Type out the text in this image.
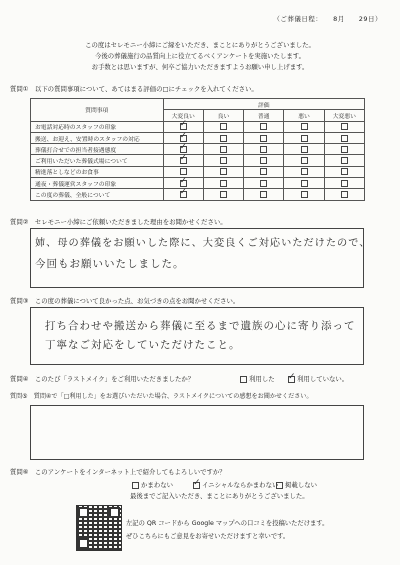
（ご葬儀日程：　　8月　　29日）
この度はセレモニー小締にご縁をいただき、まことにありがとうございました。
今後の葬儀施行の品質向上に役立てるべくアンケートを実施いたします。
お手数とは思いますが、何卒ご協力いただきますようお願い申し上げます。
質問①　以下の質問事項について、あてはまる評価の□にチェックを入れてください。
質問事項	評価				
	大変良い	良い	普通	悪い	大変悪い
お電話対応時のスタッフの印象	✓				
搬送、お迎え、安置時のスタッフの対応	✓				
葬儀打合せでの担当者接遇態度	✓				
ご利用いただいた葬儀式場について	✓				
精進落としなどのお食事					
通夜・葬儀運営スタッフの印象	✓				
この度の葬儀、全般について	✓				
質問②　セレモニー小締にご依頼いただきました理由をお聞かせください。
姉、母の葬儀をお願いした際に、大変良くご対応いただけたので、
今回もお願いいたしました。
質問③　この度の葬儀について良かった点、お気づきの点をお聞かせください。
打ち合わせや搬送から葬儀に至るまで遺族の心に寄り添って
丁寧なご対応をしていただけたこと。
質問④　このたび「ラストメイク」をご利用いただきましたか？	利用した ✓	利用していない。
質問⑤　質問④で「□利用した」をお選びいただいた場合、ラストメイクについての感想をお聞かせください。
質問⑥　このアンケートをインターネット上で紹介してもよろしいですか？
かまわない ✓	イニシャルならかまわない	掲載しない
最後までご記入いただき、まことにありがとうございました。
左記の QR コードから Google マップへの口コミを投稿いただけます。
ぜひこちらにもご意見をお寄せいただけますと幸いです。
